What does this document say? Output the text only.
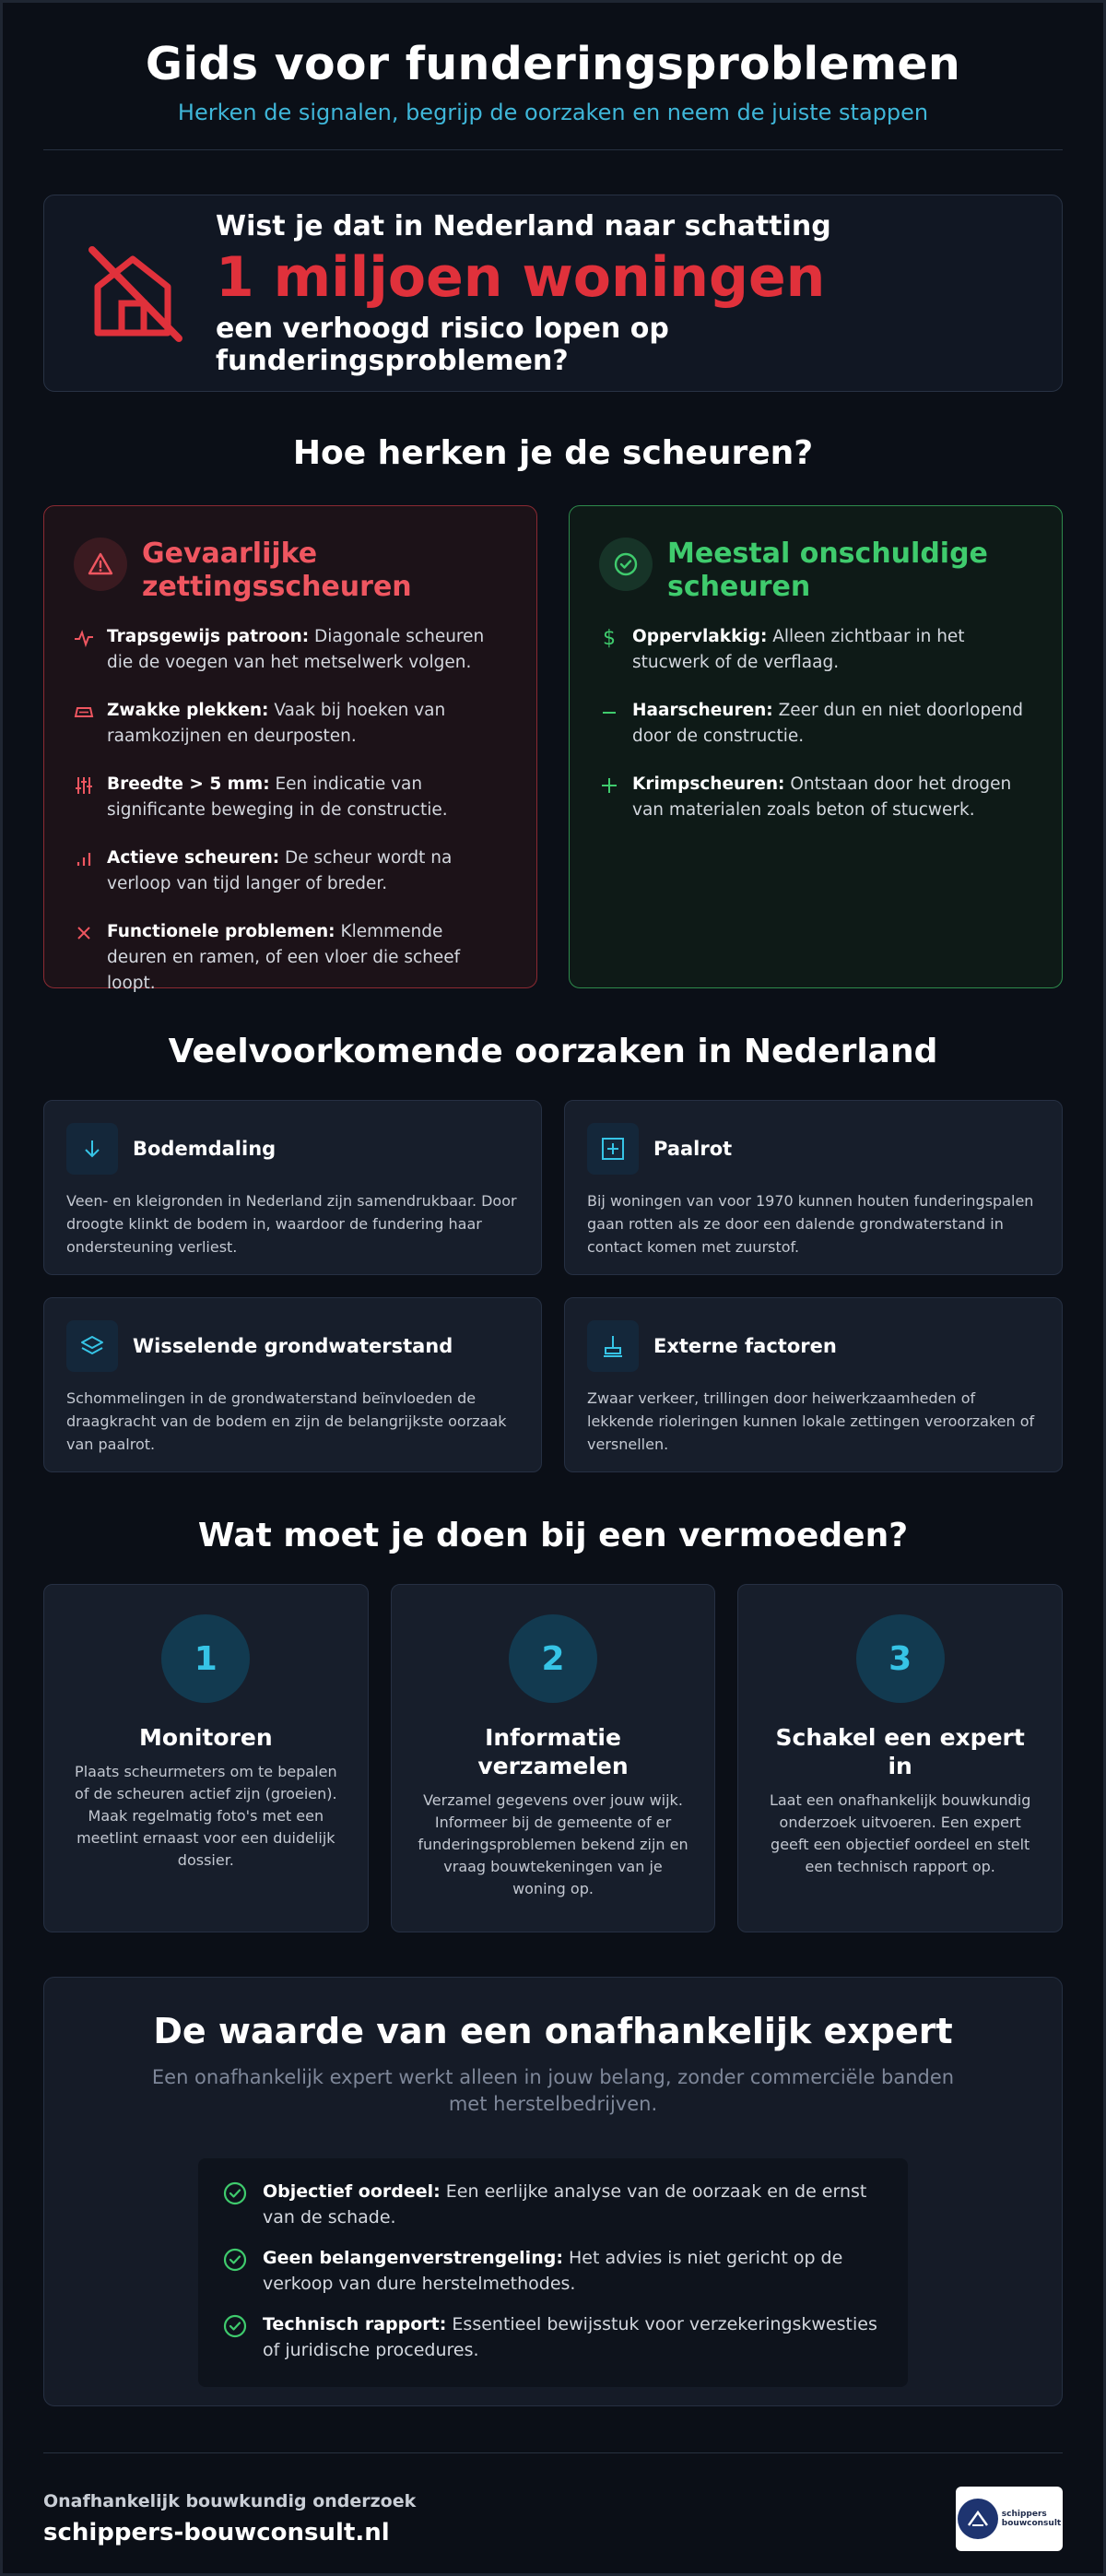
Gids voor funderingsproblemen
Herken de signalen, begrijp de oorzaken en neem de juiste stappen
Wist je dat in Nederland naar schatting
1 miljoen woningen
een verhoogd risico lopen op funderingsproblemen?
Hoe herken je de scheuren?
Gevaarlijke zettingsscheuren

Trapsgewijs patroon: Diagonale scheuren die de voegen van het metselwerk volgen.

Zwakke plekken: Vaak bij hoeken van raamkozijnen en deurposten.

Breedte > 5 mm: Een indicatie van significante beweging in de constructie.

Actieve scheuren: De scheur wordt na verloop van tijd langer of breder.

Functionele problemen: Klemmende deuren en ramen, of een vloer die scheef loopt.

Meestal onschuldige scheuren
$ Oppervlakkig: Alleen zichtbaar in het stucwerk of de verflaag.

Haarscheuren: Zeer dun en niet doorlopend door de constructie.

Krimpscheuren: Ontstaan door het drogen van materialen zoals beton of stucwerk.

Veelvoorkomende oorzaken in Nederland
Bodemdaling

Veen- en kleigronden in Nederland zijn samendrukbaar. Door droogte klinkt de bodem in, waardoor de fundering haar ondersteuning verliest.

Paalrot

Bij woningen van voor 1970 kunnen houten funderingspalen gaan rotten als ze door een dalende grondwaterstand in contact komen met zuurstof.

Wisselende grondwaterstand

Schommelingen in de grondwaterstand beïnvloeden de draagkracht van de bodem en zijn de belangrijkste oorzaak van paalrot.

Externe factoren

Zwaar verkeer, trillingen door heiwerkzaamheden of lekkende rioleringen kunnen lokale zettingen veroorzaken of versnellen.

Wat moet je doen bij een vermoeden?
1
Monitoren

Plaats scheurmeters om te bepalen of de scheuren actief zijn (groeien). Maak regelmatig foto's met een meetlint ernaast voor een duidelijk dossier.

2
Informatie verzamelen

Verzamel gegevens over jouw wijk. Informeer bij de gemeente of er funderingsproblemen bekend zijn en vraag bouwtekeningen van je woning op.

3
Schakel een expert in

Laat een onafhankelijk bouwkundig onderzoek uitvoeren. Een expert geeft een objectief oordeel en stelt een technisch rapport op.

De waarde van een onafhankelijk expert

Een onafhankelijk expert werkt alleen in jouw belang, zonder commerciële banden met herstelbedrijven.

Objectief oordeel: Een eerlijke analyse van de oorzaak en de ernst van de schade.

Geen belangenverstrengeling: Het advies is niet gericht op de verkoop van dure herstelmethodes.

Technisch rapport: Essentieel bewijsstuk voor verzekeringskwesties of juridische procedures.

Onafhankelijk bouwkundig onderzoek
schippers-bouwconsult.nl
schippers
bouwconsult
